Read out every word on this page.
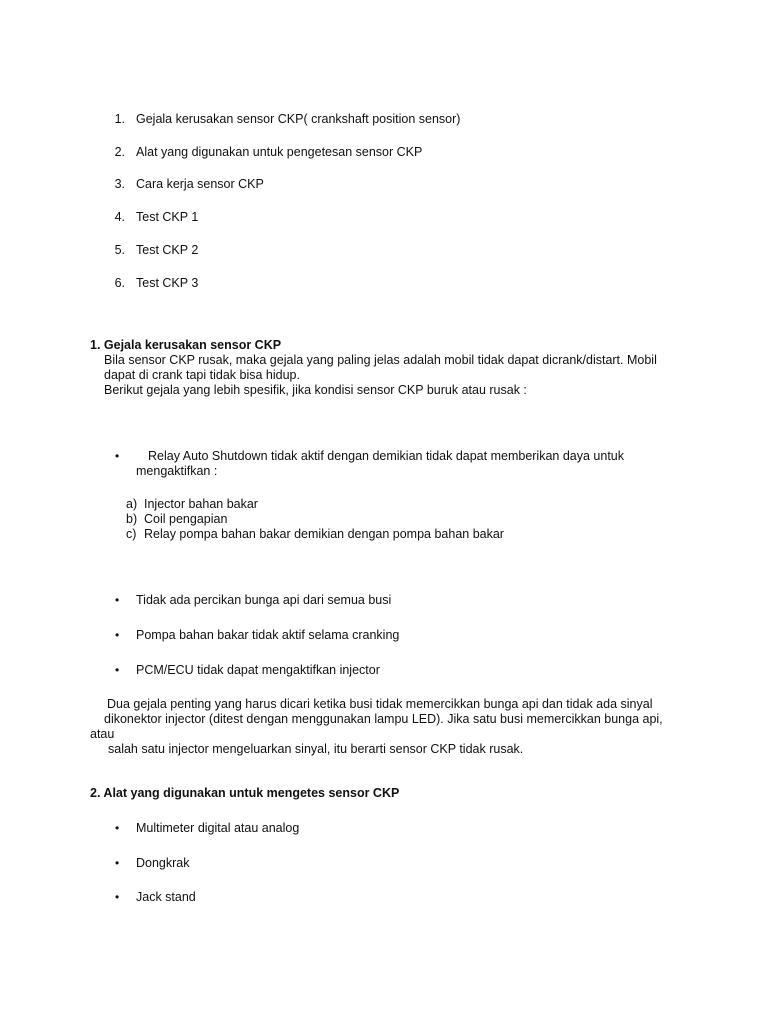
1. Gejala kerusakan sensor CKP( crankshaft position sensor)
2. Alat yang digunakan untuk pengetesan sensor CKP
3. Cara kerja sensor CKP
4. Test CKP 1
5. Test CKP 2
6. Test CKP 3
1. Gejala kerusakan sensor CKP
Bila sensor CKP rusak, maka gejala yang paling jelas adalah mobil tidak dapat dicrank/distart. Mobil
dapat di crank tapi tidak bisa hidup.
Berikut gejala yang lebih spesifik, jika kondisi sensor CKP buruk atau rusak :
• Relay Auto Shutdown tidak aktif dengan demikian tidak dapat memberikan daya untuk
mengaktifkan :
a) Injector bahan bakar
b) Coil pengapian
c) Relay pompa bahan bakar demikian dengan pompa bahan bakar
• Tidak ada percikan bunga api dari semua busi
• Pompa bahan bakar tidak aktif selama cranking
• PCM/ECU tidak dapat mengaktifkan injector
Dua gejala penting yang harus dicari ketika busi tidak memercikkan bunga api dan tidak ada sinyal
dikonektor injector (ditest dengan menggunakan lampu LED). Jika satu busi memercikkan bunga api,
atau
salah satu injector mengeluarkan sinyal, itu berarti sensor CKP tidak rusak.
2. Alat yang digunakan untuk mengetes sensor CKP
• Multimeter digital atau analog
• Dongkrak
• Jack stand
